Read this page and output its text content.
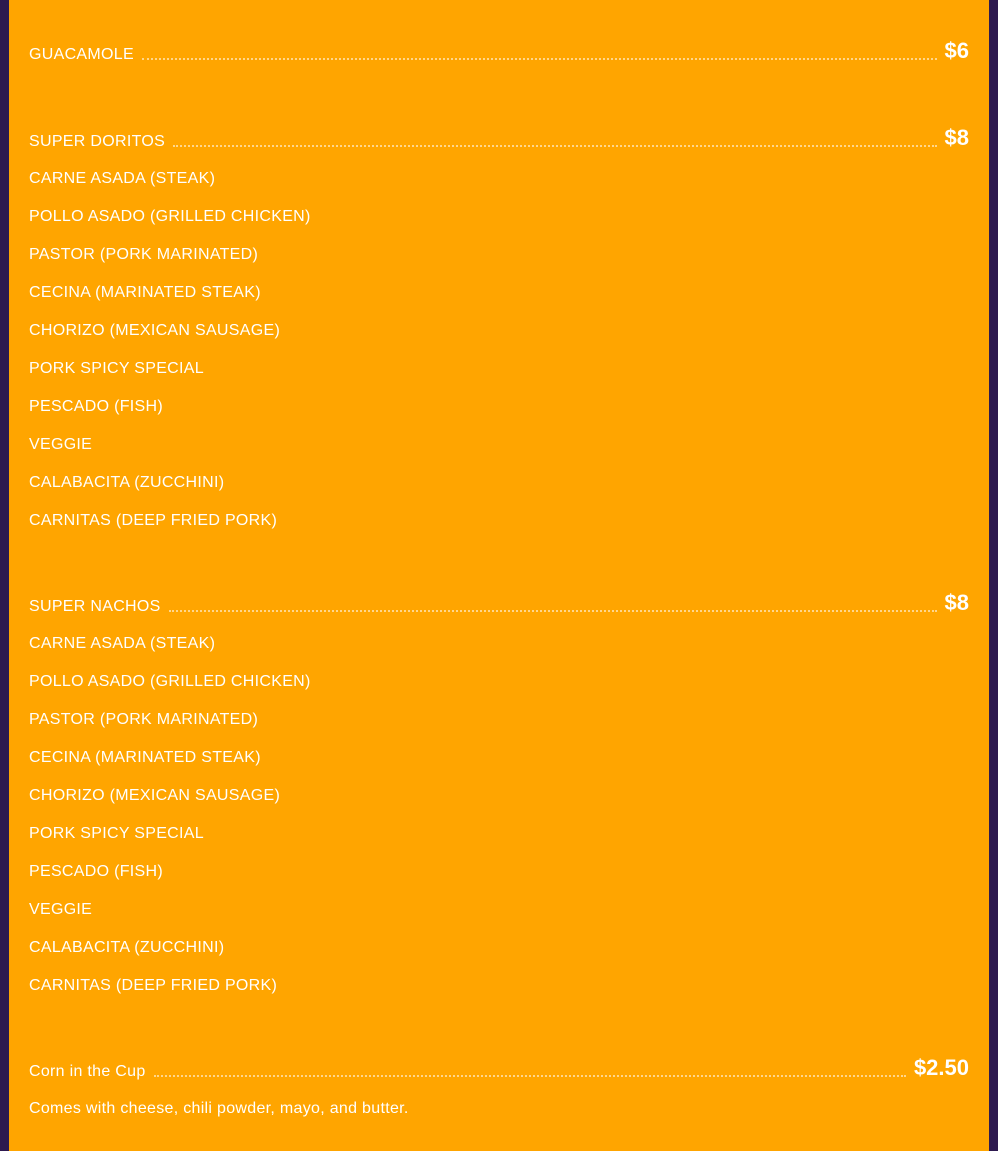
GUACAMOLE	$6
SUPER DORITOS	$8
CARNE ASADA (STEAK)
POLLO ASADO (GRILLED CHICKEN)
PASTOR (PORK MARINATED)
CECINA (MARINATED STEAK)
CHORIZO (MEXICAN SAUSAGE)
PORK SPICY SPECIAL
PESCADO (FISH)
VEGGIE
CALABACITA (ZUCCHINI)
CARNITAS (DEEP FRIED PORK)
SUPER NACHOS	$8
CARNE ASADA (STEAK)
POLLO ASADO (GRILLED CHICKEN)
PASTOR (PORK MARINATED)
CECINA (MARINATED STEAK)
CHORIZO (MEXICAN SAUSAGE)
PORK SPICY SPECIAL
PESCADO (FISH)
VEGGIE
CALABACITA (ZUCCHINI)
CARNITAS (DEEP FRIED PORK)
Corn in the Cup	$2.50
Comes with cheese, chili powder, mayo, and butter.
